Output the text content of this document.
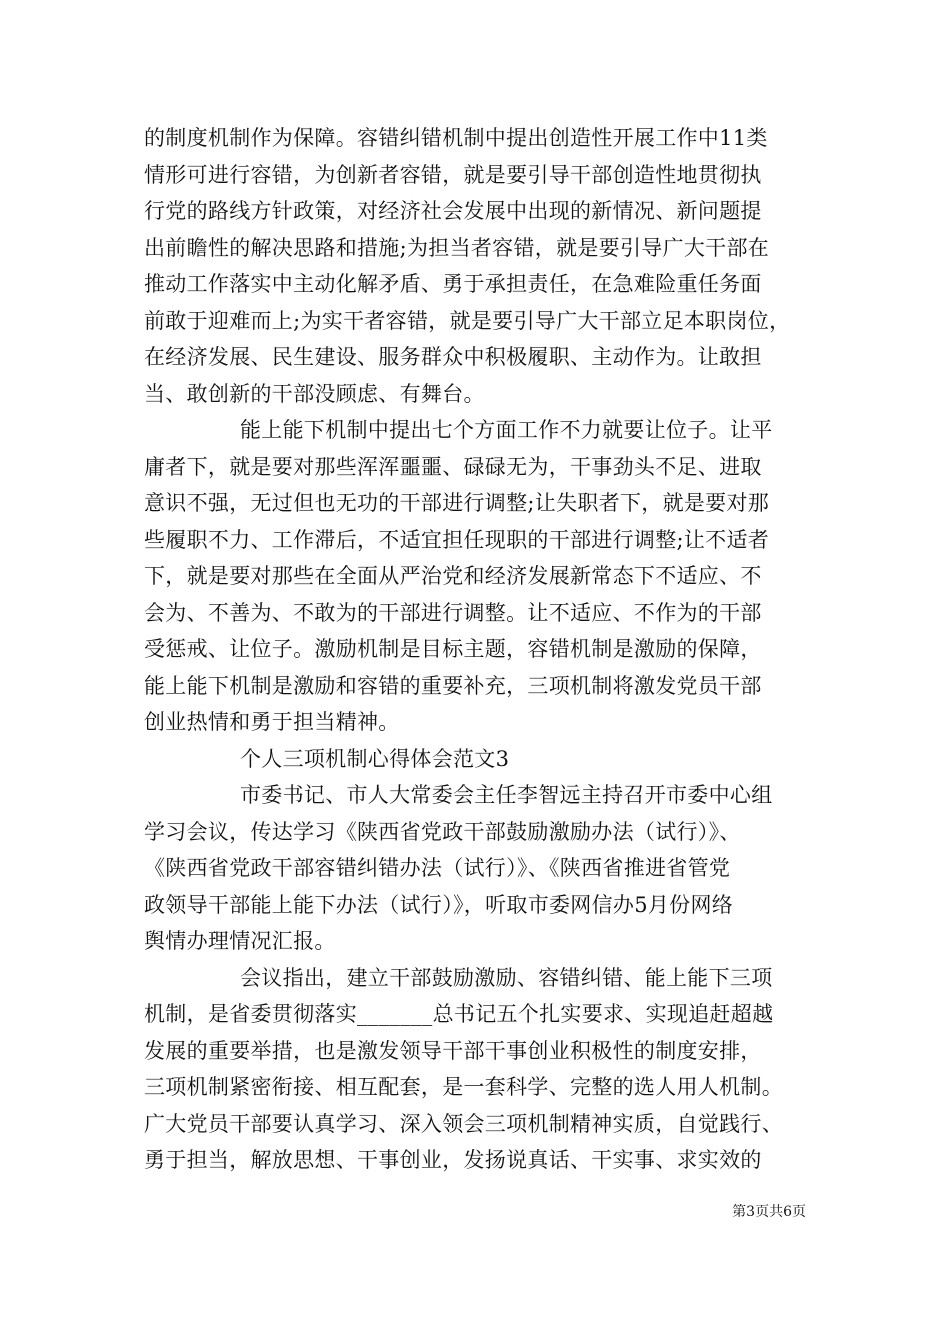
的制度机制作为保障。容错纠错机制中提出创造性开展工作中11类
情形可进行容错，为创新者容错，就是要引导干部创造性地贯彻执
行党的路线方针政策，对经济社会发展中出现的新情况、新问题提
出前瞻性的解决思路和措施;为担当者容错，就是要引导广大干部在
推动工作落实中主动化解矛盾、勇于承担责任，在急难险重任务面
前敢于迎难而上;为实干者容错，就是要引导广大干部立足本职岗位，
在经济发展、民生建设、服务群众中积极履职、主动作为。让敢担
当、敢创新的干部没顾虑、有舞台。
能上能下机制中提出七个方面工作不力就要让位子。让平
庸者下，就是要对那些浑浑噩噩、碌碌无为，干事劲头不足、进取
意识不强，无过但也无功的干部进行调整;让失职者下，就是要对那
些履职不力、工作滞后，不适宜担任现职的干部进行调整;让不适者
下，就是要对那些在全面从严治党和经济发展新常态下不适应、不
会为、不善为、不敢为的干部进行调整。让不适应、不作为的干部
受惩戒、让位子。激励机制是目标主题，容错机制是激励的保障，
能上能下机制是激励和容错的重要补充，三项机制将激发党员干部
创业热情和勇于担当精神。
个人三项机制心得体会范文3
市委书记、市人大常委会主任李智远主持召开市委中心组
学习会议，传达学习《陕西省党政干部鼓励激励办法（试行）》、
《陕西省党政干部容错纠错办法（试行）》、《陕西省推进省管党
政领导干部能上能下办法（试行）》，听取市委网信办5月份网络
舆情办理情况汇报。
会议指出，建立干部鼓励激励、容错纠错、能上能下三项
机制，是省委贯彻落实_______总书记五个扎实要求、实现追赶超越
发展的重要举措，也是激发领导干部干事创业积极性的制度安排，
三项机制紧密衔接、相互配套，是一套科学、完整的选人用人机制。
广大党员干部要认真学习、深入领会三项机制精神实质，自觉践行、
勇于担当，解放思想、干事创业，发扬说真话、干实事、求实效的
第3页共6页
